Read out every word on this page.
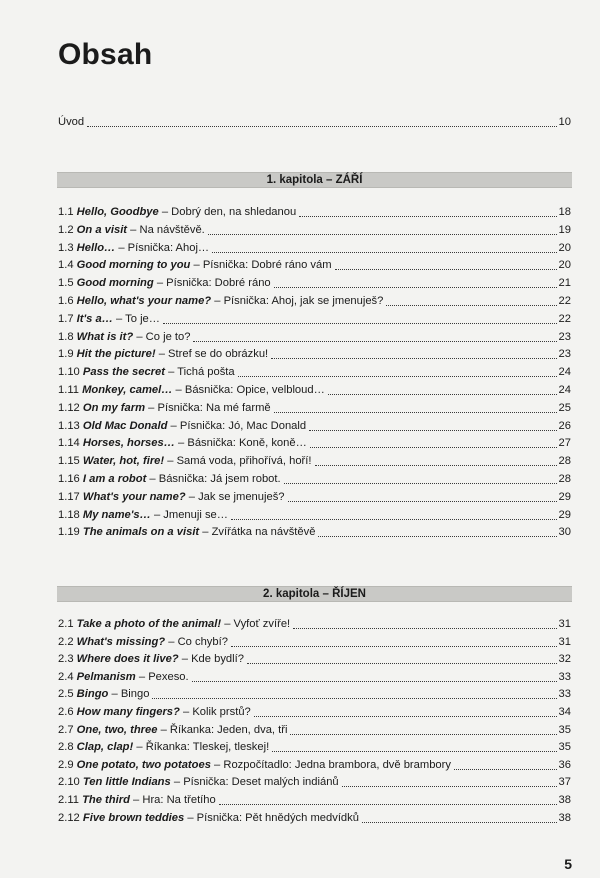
Obsah
Úvod	10
1. kapitola – ZÁŘÍ
1.1 Hello, Goodbye – Dobrý den, na shledanou	18
1.2 On a visit – Na návštěvě.	19
1.3 Hello… – Písnička: Ahoj…	20
1.4 Good morning to you – Písnička: Dobré ráno vám	20
1.5 Good morning – Písnička: Dobré ráno	21
1.6 Hello, what's your name? – Písnička: Ahoj, jak se jmenuješ?	22
1.7 It's a… – To je…	22
1.8 What is it? – Co je to?	23
1.9 Hit the picture! – Stref se do obrázku!	23
1.10 Pass the secret – Tichá pošta	24
1.11 Monkey, camel… – Básnička: Opice, velbloud…	24
1.12 On my farm – Písnička: Na mé farmě	25
1.13 Old Mac Donald – Písnička: Jó, Mac Donald	26
1.14 Horses, horses… – Básnička: Koně, koně…	27
1.15 Water, hot, fire! – Samá voda, přihořívá, hoří!	28
1.16 I am a robot – Básnička: Já jsem robot.	28
1.17 What's your name? – Jak se jmenuješ?	29
1.18 My name's… – Jmenuji se…	29
1.19 The animals on a visit – Zvířátka na návštěvě	30
2. kapitola – ŘÍJEN
2.1 Take a photo of the animal! – Vyfoť zvíře!	31
2.2 What's missing? – Co chybí?	31
2.3 Where does it live? – Kde bydlí?	32
2.4 Pelmanism – Pexeso.	33
2.5 Bingo – Bingo	33
2.6 How many fingers? – Kolik prstů?	34
2.7 One, two, three – Říkanka: Jeden, dva, tři	35
2.8 Clap, clap! – Říkanka: Tleskej, tleskej!	35
2.9 One potato, two potatoes – Rozpočítadlo: Jedna brambora, dvě brambory	36
2.10 Ten little Indians – Písnička: Deset malých indiánů	37
2.11 The third – Hra: Na třetího	38
2.12 Five brown teddies – Písnička: Pět hnědých medvídků	38
5
